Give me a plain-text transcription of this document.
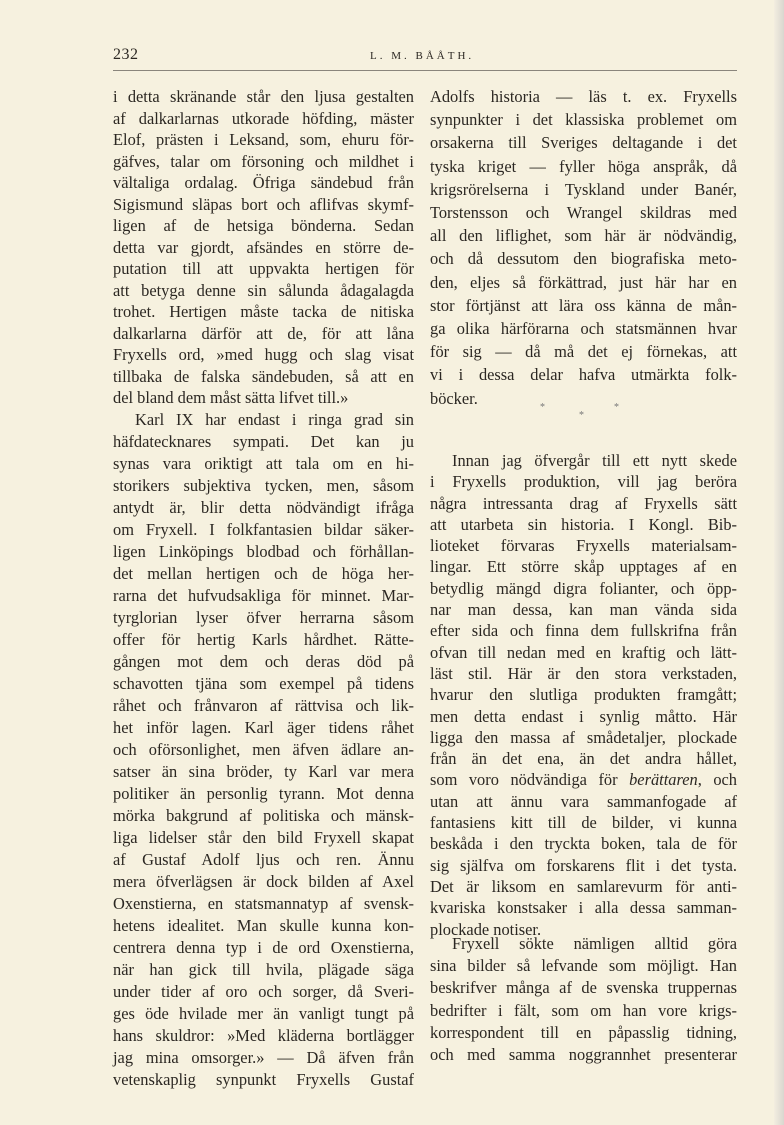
232	L. M. BÅÅTH.
i detta skränande står den ljusa gestalten
af dalkarlarnas utkorade höfding, mäster
Elof, prästen i Leksand, som, ehuru för-
gäfves, talar om försoning och mildhet i
vältaliga ordalag. Öfriga sändebud från
Sigismund släpas bort och aflifvas skymf-
ligen af de hetsiga bönderna. Sedan
detta var gjordt, afsändes en större de-
putation till att uppvakta hertigen för
att betyga denne sin sålunda ådagalagda
trohet. Hertigen måste tacka de nitiska
dalkarlarna därför att de, för att låna
Fryxells ord, »med hugg och slag visat
tillbaka de falska sändebuden, så att en
del bland dem måst sätta lifvet till.»
Karl IX har endast i ringa grad sin
häfdatecknares sympati. Det kan ju
synas vara oriktigt att tala om en hi-
storikers subjektiva tycken, men, såsom
antydt är, blir detta nödvändigt ifråga
om Fryxell. I folkfantasien bildar säker-
ligen Linköpings blodbad och förhållan-
det mellan hertigen och de höga her-
rarna det hufvudsakliga för minnet. Mar-
tyrglorian lyser öfver herrarna såsom
offer för hertig Karls hårdhet. Rätte-
gången mot dem och deras död på
schavotten tjäna som exempel på tidens
råhet och frånvaron af rättvisa och lik-
het inför lagen. Karl äger tidens råhet
och oförsonlighet, men äfven ädlare an-
satser än sina bröder, ty Karl var mera
politiker än personlig tyrann. Mot denna
mörka bakgrund af politiska och mänsk-
liga lidelser står den bild Fryxell skapat
af Gustaf Adolf ljus och ren. Ännu
mera öfverlägsen är dock bilden af Axel
Oxenstierna, en statsmannatyp af svensk-
hetens idealitet. Man skulle kunna kon-
centrera denna typ i de ord Oxenstierna,
när han gick till hvila, plägade säga
under tider af oro och sorger, då Sveri-
ges öde hvilade mer än vanligt tungt på
hans skuldror: »Med kläderna bortlägger
jag mina omsorger.» — Då äfven från
vetenskaplig synpunkt Fryxells Gustaf
Adolfs historia — läs t. ex. Fryxells
synpunkter i det klassiska problemet om
orsakerna till Sveriges deltagande i det
tyska kriget — fyller höga anspråk, då
krigsrörelserna i Tyskland under Banér,
Torstensson och Wrangel skildras med
all den liflighet, som här är nödvändig,
och då dessutom den biografiska meto-
den, eljes så förkättrad, just här har en
stor förtjänst att lära oss känna de mån-
ga olika härförarna och statsmännen hvar
för sig — då må det ej förnekas, att
vi i dessa delar hafva utmärkta folk-
böcker.	*
*
*
Innan jag öfvergår till ett nytt skede
i Fryxells produktion, vill jag beröra
några intressanta drag af Fryxells sätt
att utarbeta sin historia. I Kongl. Bib-
lioteket förvaras Fryxells materialsam-
lingar. Ett större skåp upptages af en
betydlig mängd digra folianter, och öpp-
nar man dessa, kan man vända sida
efter sida och finna dem fullskrifna från
ofvan till nedan med en kraftig och lätt-
läst stil. Här är den stora verkstaden,
hvarur den slutliga produkten framgått;
men detta endast i synlig måtto. Här
ligga den massa af smådetaljer, plockade
från än det ena, än det andra hållet,
som voro nödvändiga för berättaren, och
utan att ännu vara sammanfogade af
fantasiens kitt till de bilder, vi kunna
beskåda i den tryckta boken, tala de för
sig själfva om forskarens flit i det tysta.
Det är liksom en samlarevurm för anti-
kvariska konstsaker i alla dessa samman-
plockade notiser.
Fryxell sökte nämligen alltid göra
sina bilder så lefvande som möjligt. Han
beskrifver många af de svenska truppernas
bedrifter i fält, som om han vore krigs-
korrespondent till en påpasslig tidning,
och med samma noggrannhet presenterar
